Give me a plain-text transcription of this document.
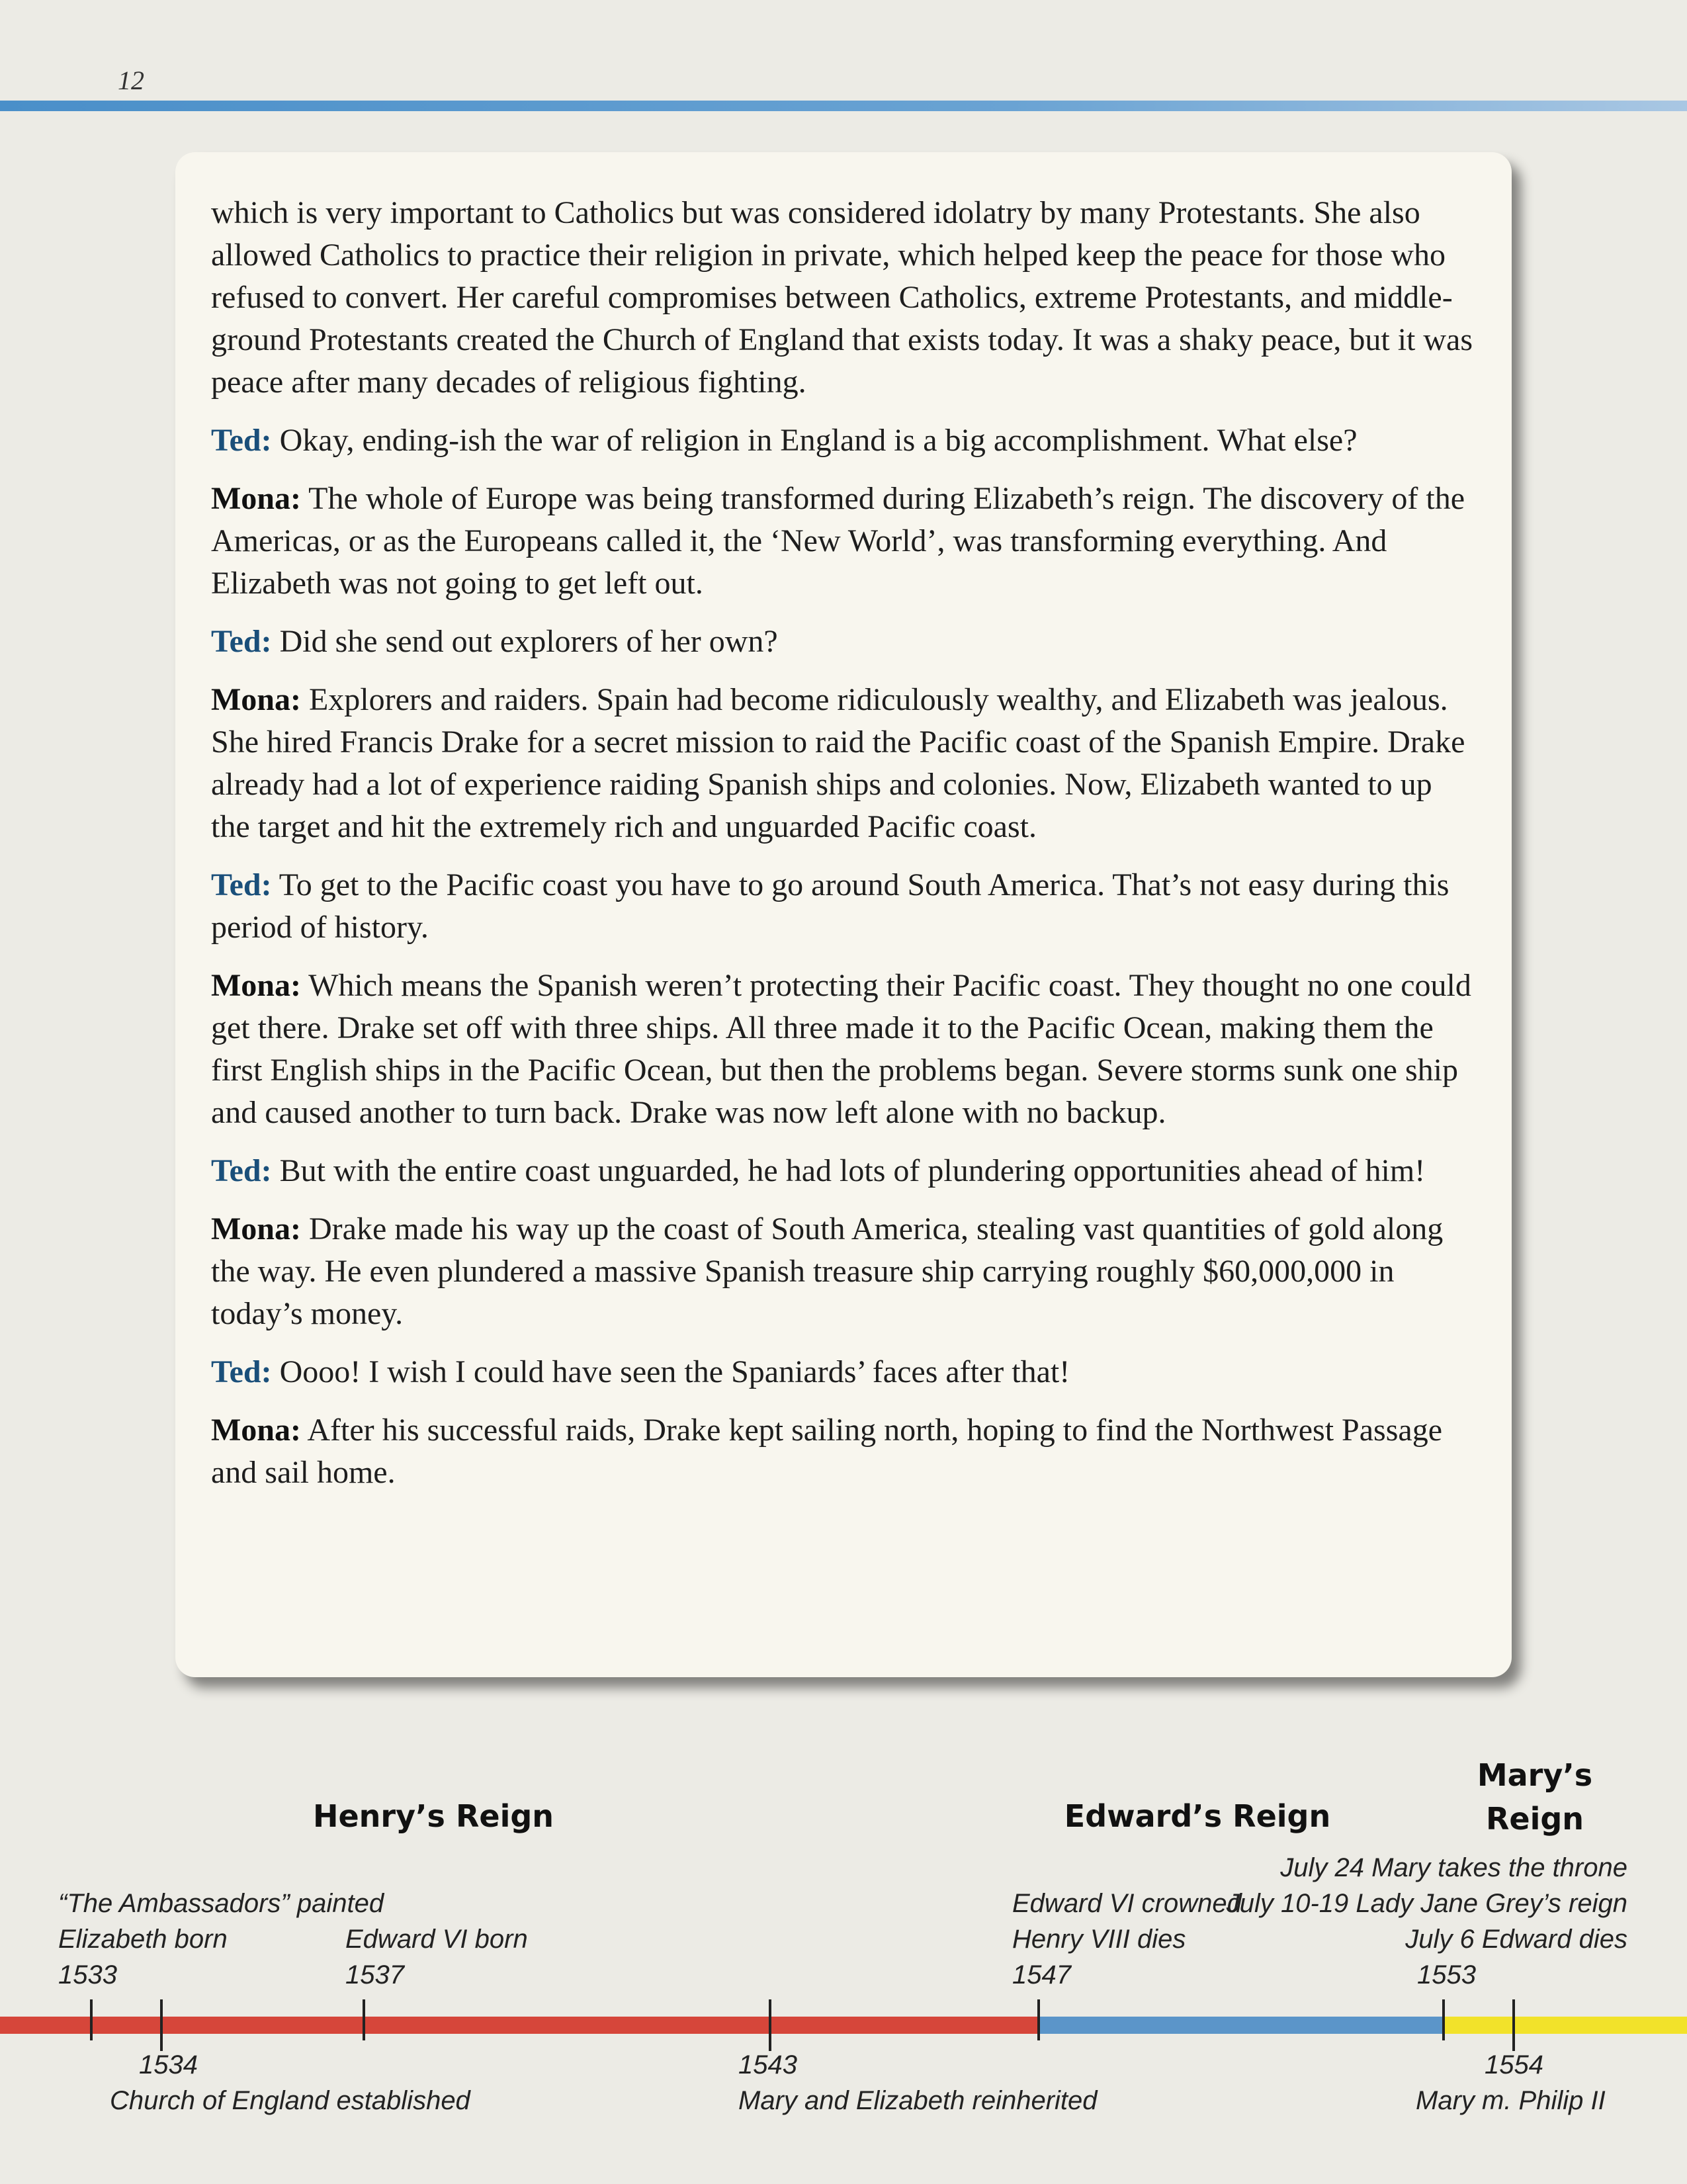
12

which is very important to Catholics but was considered idolatry by many Protestants. She also allowed Catholics to practice their religion in private, which helped keep the peace for those who refused to convert. Her careful compromises between Catholics, extreme Protestants, and middle-ground Protestants created the Church of England that exists today. It was a shaky peace, but it was peace after many decades of religious fighting.

Ted: Okay, ending-ish the war of religion in England is a big accomplishment. What else?

Mona: The whole of Europe was being transformed during Elizabeth’s reign. The discovery of the Americas, or as the Europeans called it, the ‘New World’, was transforming everything. And Elizabeth was not going to get left out.

Ted: Did she send out explorers of her own?

Mona: Explorers and raiders. Spain had become ridiculously wealthy, and Elizabeth was jealous. She hired Francis Drake for a secret mission to raid the Pacific coast of the Spanish Empire. Drake already had a lot of experience raiding Spanish ships and colonies. Now, Elizabeth wanted to up the target and hit the extremely rich and unguarded Pacific coast.

Ted: To get to the Pacific coast you have to go around South America. That’s not easy during this period of history.

Mona: Which means the Spanish weren’t protecting their Pacific coast. They thought no one could get there. Drake set off with three ships. All three made it to the Pacific Ocean, making them the first English ships in the Pacific Ocean, but then the problems began. Severe storms sunk one ship and caused another to turn back. Drake was now left alone with no backup.

Ted: But with the entire coast unguarded, he had lots of plundering opportunities ahead of him!

Mona: Drake made his way up the coast of South America, stealing vast quantities of gold along the way. He even plundered a massive Spanish treasure ship carrying roughly $60,000,000 in today’s money.

Ted: Oooo! I wish I could have seen the Spaniards’ faces after that!

Mona: After his successful raids, Drake kept sailing north, hoping to find the Northwest Passage and sail home.

Henry’s Reign	Edward’s Reign
Mary’s Reign
“The Ambassadors” painted
Elizabeth born
1533
Edward VI born
1537
Edward VI crowned
Henry VIII dies
1547
July 24 Mary takes the throne
July 10-19 Lady Jane Grey’s reign
July 6 Edward dies
1553
1534
Church of England established
1543
Mary and Elizabeth reinherited
1554
Mary m. Philip II
